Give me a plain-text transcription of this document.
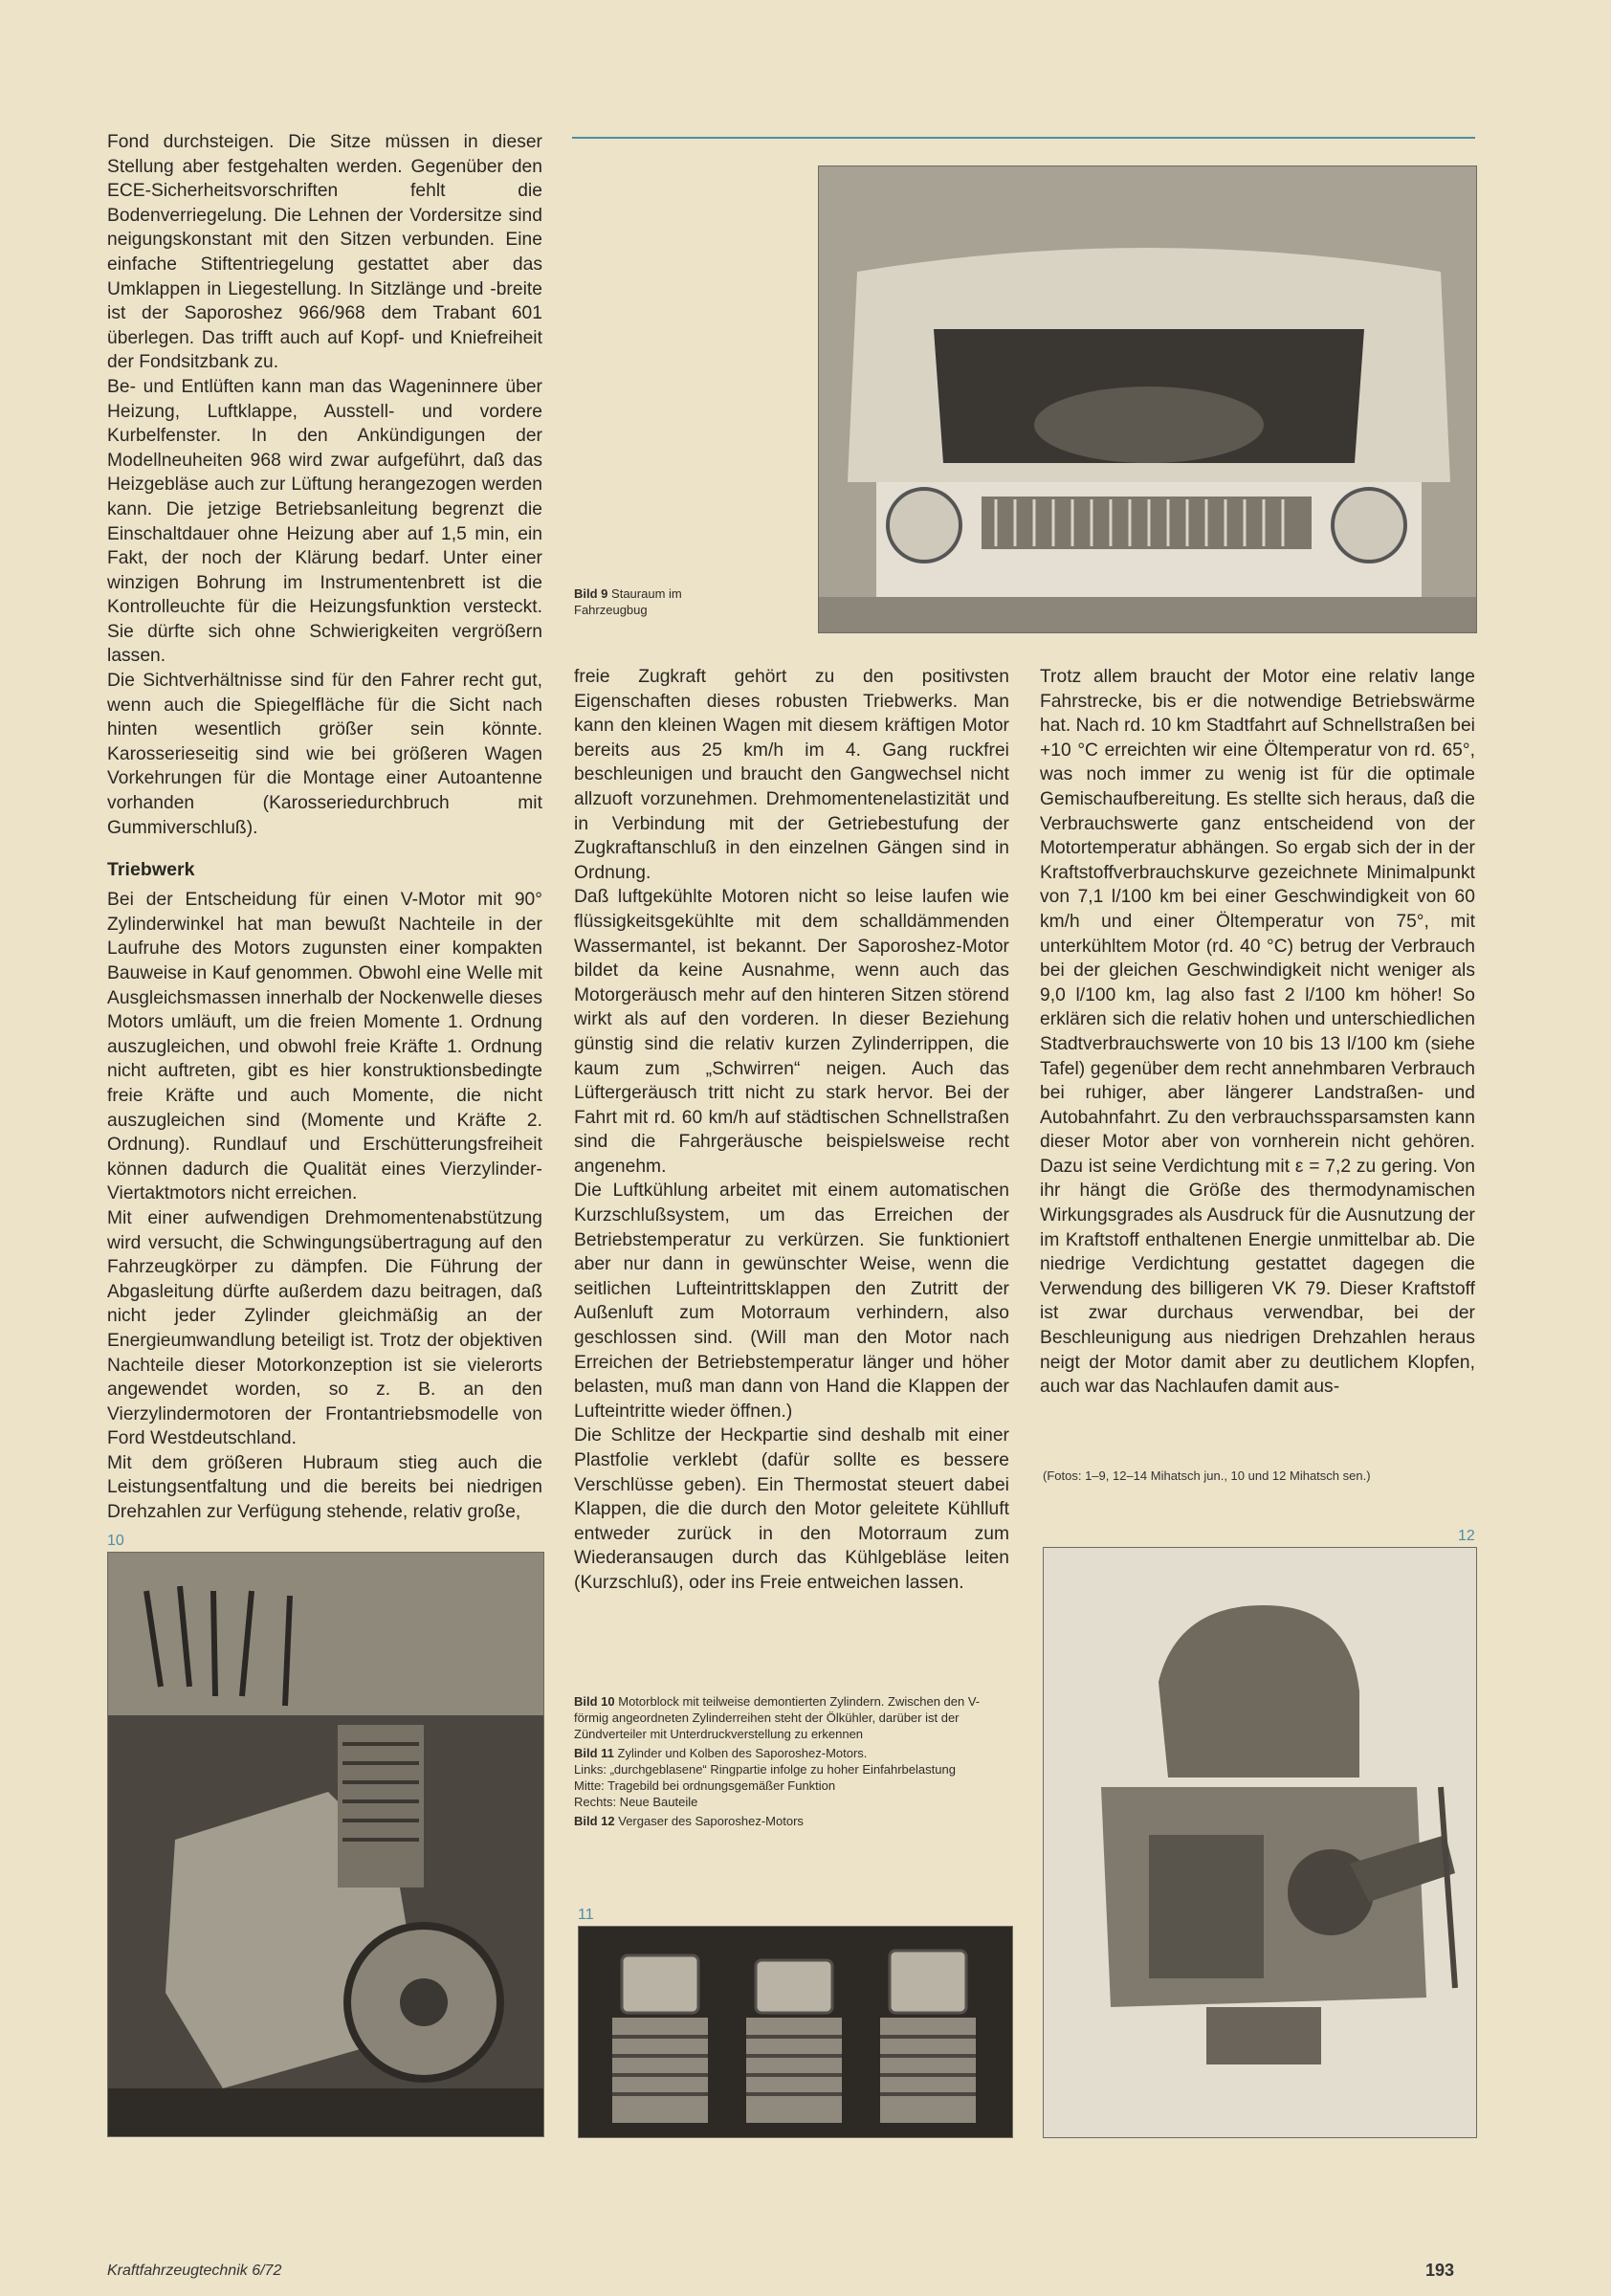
Fond durchsteigen. Die Sitze müssen in dieser Stellung aber festgehalten werden. Gegenüber den ECE-Sicherheitsvorschriften fehlt die Bodenverriegelung. Die Lehnen der Vordersitze sind neigungskonstant mit den Sitzen verbunden. Eine einfache Stiftentriegelung gestattet aber das Umklappen in Liegestellung. In Sitzlänge und -breite ist der Saporoshez 966/968 dem Trabant 601 überlegen. Das trifft auch auf Kopf- und Kniefreiheit der Fondsitzbank zu.

Be- und Entlüften kann man das Wageninnere über Heizung, Luftklappe, Ausstell- und vordere Kurbelfenster. In den Ankündigungen der Modellneuheiten 968 wird zwar aufgeführt, daß das Heizgebläse auch zur Lüftung herangezogen werden kann. Die jetzige Betriebsanleitung begrenzt die Einschaltdauer ohne Heizung aber auf 1,5 min, ein Fakt, der noch der Klärung bedarf. Unter einer winzigen Bohrung im Instrumentenbrett ist die Kontrolleuchte für die Heizungsfunktion versteckt. Sie dürfte sich ohne Schwierigkeiten vergrößern lassen.

Die Sichtverhältnisse sind für den Fahrer recht gut, wenn auch die Spiegelfläche für die Sicht nach hinten wesentlich größer sein könnte. Karosserieseitig sind wie bei größeren Wagen Vorkehrungen für die Montage einer Autoantenne vorhanden (Karosseriedurchbruch mit Gummiverschluß).

Triebwerk

Bei der Entscheidung für einen V-Motor mit 90° Zylinderwinkel hat man bewußt Nachteile in der Laufruhe des Motors zugunsten einer kompakten Bauweise in Kauf genommen. Obwohl eine Welle mit Ausgleichsmassen innerhalb der Nockenwelle dieses Motors umläuft, um die freien Momente 1. Ordnung auszugleichen, und obwohl freie Kräfte 1. Ordnung nicht auftreten, gibt es hier konstruktionsbedingte freie Kräfte und auch Momente, die nicht auszugleichen sind (Momente und Kräfte 2. Ordnung). Rundlauf und Erschütterungsfreiheit können dadurch die Qualität eines Vierzylinder-Viertaktmotors nicht erreichen.

Mit einer aufwendigen Drehmomentenabstützung wird versucht, die Schwingungsübertragung auf den Fahrzeugkörper zu dämpfen. Die Führung der Abgasleitung dürfte außerdem dazu beitragen, daß nicht jeder Zylinder gleichmäßig an der Energieumwandlung beteiligt ist. Trotz der objektiven Nachteile dieser Motorkonzeption ist sie vielerorts angewendet worden, so z. B. an den Vierzylindermotoren der Frontantriebsmodelle von Ford Westdeutschland.

Mit dem größeren Hubraum stieg auch die Leistungsentfaltung und die bereits bei niedrigen Drehzahlen zur Verfügung stehende, relativ große,

Bild 9 Stauraum im Fahrzeugbug

freie Zugkraft gehört zu den positivsten Eigenschaften dieses robusten Triebwerks. Man kann den kleinen Wagen mit diesem kräftigen Motor bereits aus 25 km/h im 4. Gang ruckfrei beschleunigen und braucht den Gangwechsel nicht allzuoft vorzunehmen. Drehmomentenelastizität und in Verbindung mit der Getriebestufung der Zugkraftanschluß in den einzelnen Gängen sind in Ordnung.

Daß luftgekühlte Motoren nicht so leise laufen wie flüssigkeitsgekühlte mit dem schalldämmenden Wassermantel, ist bekannt. Der Saporoshez-Motor bildet da keine Ausnahme, wenn auch das Motorgeräusch mehr auf den hinteren Sitzen störend wirkt als auf den vorderen. In dieser Beziehung günstig sind die relativ kurzen Zylinderrippen, die kaum zum „Schwirren“ neigen. Auch das Lüftergeräusch tritt nicht zu stark hervor. Bei der Fahrt mit rd. 60 km/h auf städtischen Schnellstraßen sind die Fahrgeräusche beispielsweise recht angenehm.

Die Luftkühlung arbeitet mit einem automatischen Kurzschlußsystem, um das Erreichen der Betriebstemperatur zu verkürzen. Sie funktioniert aber nur dann in gewünschter Weise, wenn die seitlichen Lufteintrittsklappen den Zutritt der Außenluft zum Motorraum verhindern, also geschlossen sind. (Will man den Motor nach Erreichen der Betriebstemperatur länger und höher belasten, muß man dann von Hand die Klappen der Lufteintritte wieder öffnen.)

Die Schlitze der Heckpartie sind deshalb mit einer Plastfolie verklebt (dafür sollte es bessere Verschlüsse geben). Ein Thermostat steuert dabei Klappen, die die durch den Motor geleitete Kühlluft entweder zurück in den Motorraum zum Wiederansaugen durch das Kühlgebläse leiten (Kurzschluß), oder ins Freie entweichen lassen.

Trotz allem braucht der Motor eine relativ lange Fahrstrecke, bis er die notwendige Betriebswärme hat. Nach rd. 10 km Stadtfahrt auf Schnellstraßen bei +10 °C erreichten wir eine Öltemperatur von rd. 65°, was noch immer zu wenig ist für die optimale Gemischaufbereitung. Es stellte sich heraus, daß die Verbrauchswerte ganz entscheidend von der Motortemperatur abhängen. So ergab sich der in der Kraftstoffverbrauchskurve gezeichnete Minimalpunkt von 7,1 l/100 km bei einer Geschwindigkeit von 60 km/h und einer Öltemperatur von 75°, mit unterkühltem Motor (rd. 40 °C) betrug der Verbrauch bei der gleichen Geschwindigkeit nicht weniger als 9,0 l/100 km, lag also fast 2 l/100 km höher! So erklären sich die relativ hohen und unterschiedlichen Stadtverbrauchswerte von 10 bis 13 l/100 km (siehe Tafel) gegenüber dem recht annehmbaren Verbrauch bei ruhiger, aber längerer Landstraßen- und Autobahnfahrt. Zu den verbrauchssparsamsten kann dieser Motor aber von vornherein nicht gehören. Dazu ist seine Verdichtung mit ε = 7,2 zu gering. Von ihr hängt die Größe des thermodynamischen Wirkungsgrades als Ausdruck für die Ausnutzung der im Kraftstoff enthaltenen Energie unmittelbar ab. Die niedrige Verdichtung gestattet dagegen die Verwendung des billigeren VK 79. Dieser Kraftstoff ist zwar durchaus verwendbar, bei der Beschleunigung aus niedrigen Drehzahlen heraus neigt der Motor damit aber zu deutlichem Klopfen, auch war das Nachlaufen damit aus-

(Fotos: 1–9, 12–14 Mihatsch jun., 10 und 12 Mihatsch sen.)
10

Bild 10 Motorblock mit teilweise demontierten Zylindern. Zwischen den V-förmig angeordneten Zylinderreihen steht der Ölkühler, darüber ist der Zündverteiler mit Unterdruckverstellung zu erkennen

Bild 11 Zylinder und Kolben des Saporoshez-Motors.
Links: „durchgeblasene“ Ringpartie infolge zu hoher Einfahrbelastung
Mitte: Tragebild bei ordnungsgemäßer Funktion
Rechts: Neue Bauteile

Bild 12 Vergaser des Saporoshez-Motors

11
12
Kraftfahrzeugtechnik 6/72	193
